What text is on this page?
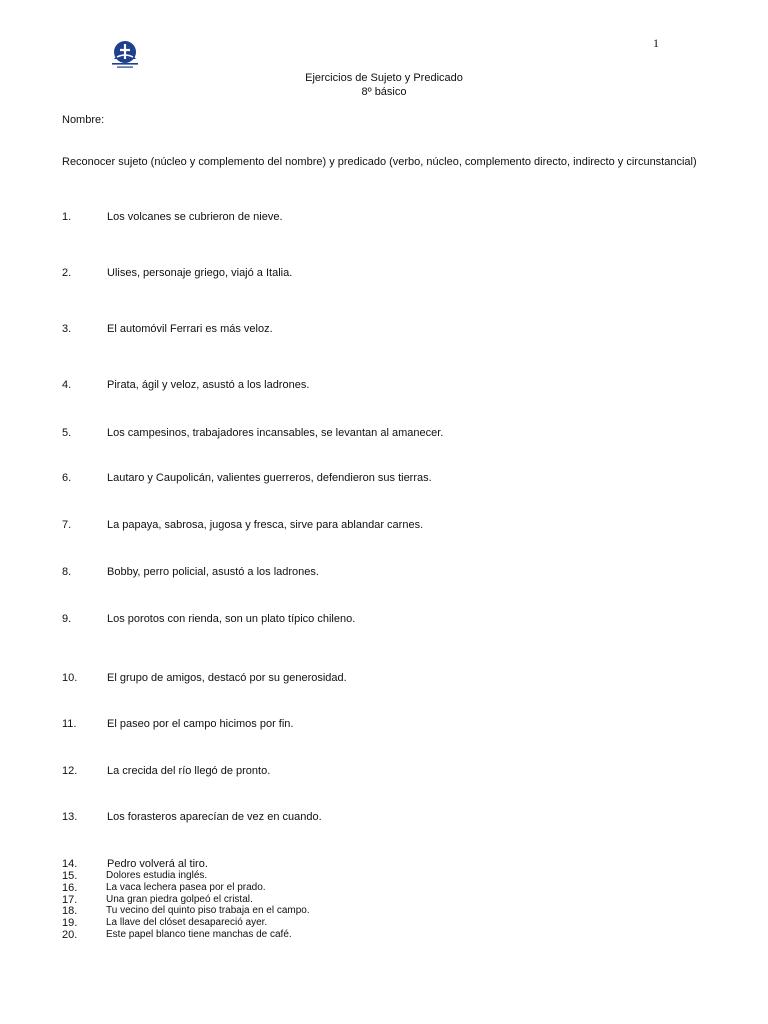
1
Ejercicios de Sujeto y Predicado
8º básico
Nombre:
Reconocer sujeto (núcleo y complemento del nombre) y predicado (verbo, núcleo, complemento directo, indirecto y circunstancial)
1.	Los volcanes se cubrieron de nieve.
2.	Ulises, personaje griego, viajó a Italia.
3.	El automóvil Ferrari es más veloz.
4.	Pirata, ágil y veloz, asustó a los ladrones.
5.	Los campesinos, trabajadores incansables, se levantan al amanecer.
6.	Lautaro y Caupolicán, valientes guerreros, defendieron sus tierras.
7.	La papaya, sabrosa, jugosa y fresca, sirve para ablandar carnes.
8.	Bobby, perro policial, asustó a los ladrones.
9.	Los porotos con rienda, son un plato típico chileno.
10.	El grupo de amigos, destacó por su generosidad.
11.	El paseo por el campo hicimos por fin.
12.	La crecida del río llegó de pronto.
13.	Los forasteros aparecían de vez en cuando.
14.	Pedro volverá al tiro.
15.	Dolores estudia inglés.
16.	La vaca lechera pasea por el prado.
17.	Una gran piedra golpeó el cristal.
18.	Tu vecino del quinto piso trabaja en el campo.
19.	La llave del clóset desapareció ayer.
20.	Este papel blanco tiene manchas de café.
